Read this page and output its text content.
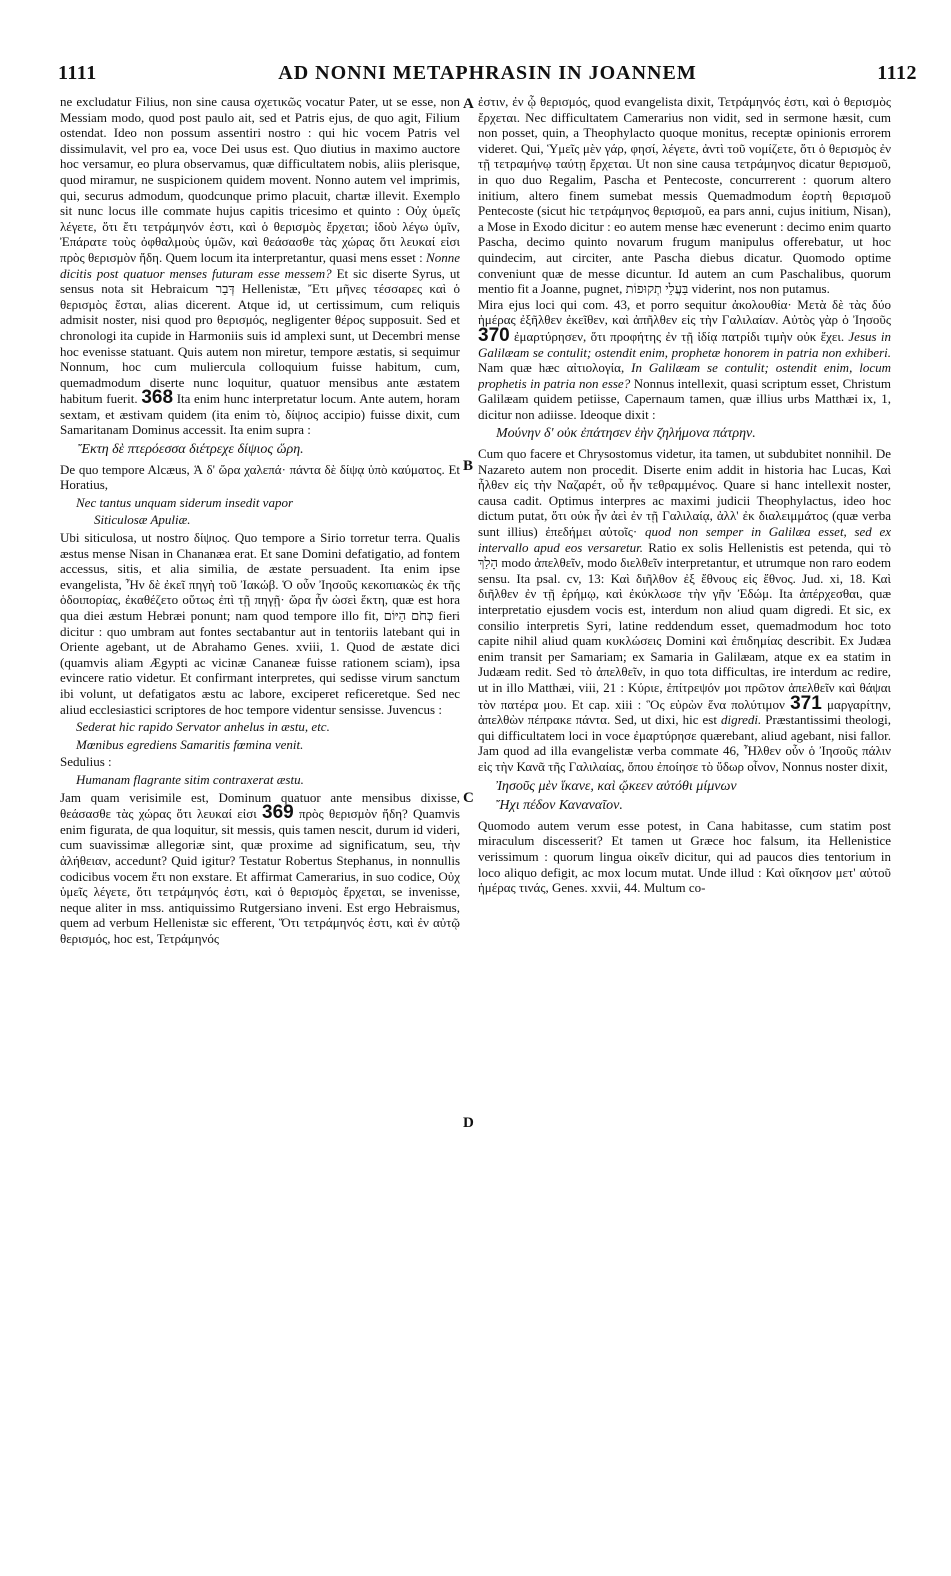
1111	AD NONNI METAPHRASIN IN JOANNEM	1112
A
B
C
D

ne excludatur Filius, non sine causa σχετικῶς vocatur Pater, ut se esse, non Messiam modo, quod post paulo ait, sed et Patris ejus, de quo agit, Filium ostendat. Ideo non possum assentiri nostro : qui hic vocem Patris vel dissimulavit, vel pro ea, voce Dei usus est. Quo diutius in maximo auctore hoc versamur, eo plura observamus, quæ difficultatem nobis, aliis plerisque, quod miramur, ne suspicionem quidem movent. Nonno autem vel imprimis, qui, securus admodum, quodcunque primo placuit, chartæ illevit. Exemplo sit nunc locus ille commate hujus capitis tricesimo et quinto : Οὐχ ὑμεῖς λέγετε, ὅτι ἔτι τετράμηνόν ἐστι, καὶ ὁ θερισμὸς ἔρχεται; ἰδοὺ λέγω ὑμῖν, Ἐπάρατε τοὺς ὀφθαλμοὺς ὑμῶν, καὶ θεάσασθε τὰς χώρας ὅτι λευκαί εἰσι πρὸς θερισμὸν ἤδη. Quem locum ita interpretantur, quasi mens esset : Nonne dicitis post quatuor menses futuram esse messem? Et sic diserte Syrus, ut sensus nota sit Hebraicum דְּבַר Hellenistæ, Ἔτι μῆνες τέσσαρες καὶ ὁ θερισμὸς ἔσται, alias dicerent. Atque id, ut certissimum, cum reliquis admisit noster, nisi quod pro θερισμός, negligenter θέρος supposuit. Sed et chronologi ita cupide in Harmoniis suis id amplexi sunt, ut Decembri mense hoc evenisse statuant. Quis autem non miretur, tempore æstatis, si sequimur Nonnum, hoc cum muliercula colloquium fuisse habitum, cum, quemadmodum diserte nunc loquitur, quatuor mensibus ante æstatem habitum fuerit. 368 Ita enim hunc interpretatur locum. Ante autem, horam sextam, et æstivam quidem (ita enim τὸ, δίψιος accipio) fuisse dixit, cum Samaritanam Dominus accessit. Ita enim supra :

Ἔκτη δὲ πτερόεσσα διέτρεχε δίψιος ὥρη.

De quo tempore Alcæus, Ἁ δ' ὥρα χαλεπά· πάντα δὲ δίψᾳ ὑπὸ καύματος. Et Horatius,

Nec tantus unquam siderum insedit vapor

Siticulosæ Apuliæ.

Ubi siticulosa, ut nostro δίψιος. Quo tempore a Sirio torretur terra. Qualis æstus mense Nisan in Chananæa erat. Et sane Domini defatigatio, ad fontem accessus, sitis, et alia similia, de æstate persuadent. Ita enim ipse evangelista, Ἦν δὲ ἐκεῖ πηγὴ τοῦ Ἰακώβ. Ὁ οὖν Ἰησοῦς κεκοπιακὼς ἐκ τῆς ὁδοιπορίας, ἐκαθέζετο οὕτως ἐπὶ τῇ πηγῇ· ὥρα ἦν ὡσεὶ ἕκτη, quæ est hora qua diei æstum Hebræi ponunt; nam quod tempore illo fit, כְּחֹם הַיּוֹם fieri dicitur : quo umbram aut fontes sectabantur aut in tentoriis latebant qui in Oriente agebant, ut de Abrahamo Genes. xviii, 1. Quod de æstate dici (quamvis aliam Ægypti ac vicinæ Cananeæ fuisse rationem sciam), ipsa evincere ratio videtur. Et confirmant interpretes, qui sedisse virum sanctum ibi volunt, ut defatigatos æstu ac labore, exciperet reficeretque. Sed nec aliud ecclesiastici scriptores de hoc tempore videntur sensisse. Juvencus :

Sederat hic rapido Servator anhelus in æstu, etc.

Mœnibus egrediens Samaritis fœmina venit.

Sedulius :

Humanam flagrante sitim contraxerat æstu.

Jam quam verisimile est, Dominum quatuor ante mensibus dixisse, θεάσασθε τὰς χώρας ὅτι λευκαί εἰσι 369 πρὸς θερισμὸν ἤδη? Quamvis enim figurata, de qua loquitur, sit messis, quis tamen nescit, durum id videri, cum suavissimæ allegoriæ sint, quæ proxime ad significatum, seu, τὴν ἀλήθειαν, accedunt? Quid igitur? Testatur Robertus Stephanus, in nonnullis codicibus vocem ἔτι non exstare. Et affirmat Camerarius, in suo codice, Οὐχ ὑμεῖς λέγετε, ὅτι τετράμηνός ἐστι, καὶ ὁ θερισμὸς ἔρχεται, se invenisse, neque aliter in mss. antiquissimo Rutgersiano inveni. Est ergo Hebraismus, quem ad verbum Hellenistæ sic efferent, Ὅτι τετράμηνός ἐστι, καὶ ἐν αὐτῷ θερισμός, hoc est, Τετράμηνός

ἐστιν, ἐν ᾧ θερισμός, quod evangelista dixit, Τετράμηνός ἐστι, καὶ ὁ θερισμὸς ἔρχεται. Nec difficultatem Camerarius non vidit, sed in sermone hæsit, cum non posset, quin, a Theophylacto quoque monitus, receptæ opinionis errorem videret. Qui, Ὑμεῖς μὲν γάρ, φησί, λέγετε, ἀντὶ τοῦ νομίζετε, ὅτι ὁ θερισμὸς ἐν τῇ τετραμήνῳ ταύτῃ ἔρχεται. Ut non sine causa τετράμηνος dicatur θερισμοῦ, in quo duo Regalim, Pascha et Pentecoste, concurrerent : quorum altero initium, altero finem sumebat messis Quemadmodum ἑορτὴ θερισμοῦ Pentecoste (sicut hic τετράμηνος θερισμοῦ, ea pars anni, cujus initium, Nisan), a Mose in Exodo dicitur : eo autem mense hæc evenerunt : decimo enim quarto Pascha, decimo quinto novarum frugum manipulus offerebatur, ut hoc quindecim, aut circiter, ante Pascha diebus dicatur. Quomodo optime conveniunt quæ de messe dicuntur. Id autem an cum Paschalibus, quorum mentio fit a Joanne, pugnet, בַּעֲלֵי תְקוּפוֹת viderint, nos non putamus.

Mira ejus loci qui com. 43, et porro sequitur ἀκολουθία· Μετὰ δὲ τὰς δύο ἡμέρας ἐξῆλθεν ἐκεῖθεν, καὶ ἀπῆλθεν εἰς τὴν Γαλιλαίαν. Αὐτὸς γὰρ ὁ Ἰησοῦς 370 ἐμαρτύρησεν, ὅτι προφήτης ἐν τῇ ἰδίᾳ πατρίδι τιμὴν οὐκ ἔχει. Jesus in Galilæam se contulit; ostendit enim, prophetæ honorem in patria non exhiberi. Nam quæ hæc αἰτιολογία, In Galilæam se contulit; ostendit enim, locum prophetis in patria non esse? Nonnus intellexit, quasi scriptum esset, Christum Galilæam quidem petiisse, Capernaum tamen, quæ illius urbs Matthæi ix, 1, dicitur non adiisse. Ideoque dixit :

Μούνην δ' οὐκ ἐπάτησεν ἑὴν ζηλήμονα πάτρην.

Cum quo facere et Chrysostomus videtur, ita tamen, ut subdubitet nonnihil. De Nazareto autem non procedit. Diserte enim addit in historia hac Lucas, Καὶ ἦλθεν εἰς τὴν Ναζαρέτ, οὗ ἦν τεθραμμένος. Quare si hanc intellexit noster, causa cadit. Optimus interpres ac maximi judicii Theophylactus, ideo hoc dictum putat, ὅτι οὐκ ἦν ἀεὶ ἐν τῇ Γαλιλαίᾳ, ἀλλ' ἐκ διαλειμμάτος (quæ verba sunt illius) ἐπεδήμει αὐτοῖς· quod non semper in Galilæa esset, sed ex intervallo apud eos versaretur. Ratio ex solis Hellenistis est petenda, qui τὸ הָלַךְ modo ἀπελθεῖν, modo διελθεῖν interpretantur, et utrumque non raro eodem sensu. Ita psal. cv, 13: Καὶ διῆλθον ἐξ ἔθνους εἰς ἔθνος. Jud. xi, 18. Καὶ διῆλθεν ἐν τῇ ἐρήμῳ, καὶ ἐκύκλωσε τὴν γῆν Ἐδώμ. Ita ἀπέρχεσθαι, quæ interpretatio ejusdem vocis est, interdum non aliud quam digredi. Et sic, ex consilio interpretis Syri, latine reddendum esset, quemadmodum hoc toto capite nihil aliud quam κυκλώσεις Domini καὶ ἐπιδημίας describit. Ex Judæa enim transit per Samariam; ex Samaria in Galilæam, atque ex ea statim in Judæam redit. Sed τὸ ἀπελθεῖν, in quo tota difficultas, ire interdum ac redire, ut in illo Matthæi, viii, 21 : Κύριε, ἐπίτρεψόν μοι πρῶτον ἀπελθεῖν καὶ θάψαι τὸν πατέρα μου. Et cap. xiii : Ὃς εὑρὼν ἕνα πολύτιμον 371 μαργαρίτην, ἀπελθὼν πέπρακε πάντα. Sed, ut dixi, hic est digredi. Præstantissimi theologi, qui difficultatem loci in voce ἐμαρτύρησε quærebant, aliud agebant, nisi fallor. Jam quod ad illa evangelistæ verba commate 46, Ἦλθεν οὖν ὁ Ἰησοῦς πάλιν εἰς τὴν Κανᾶ τῆς Γαλιλαίας, ὅπου ἐποίησε τὸ ὕδωρ οἶνον, Nonnus noster dixit,

Ἰησοῦς μὲν ἵκανε, καὶ ᾤκεεν αὐτόθι μίμνων

Ἤχι πέδον Καναναῖον.

Quomodo autem verum esse potest, in Cana habitasse, cum statim post miraculum discesserit? Et tamen ut Græce hoc falsum, ita Hellenistice verissimum : quorum lingua οἰκεῖν dicitur, qui ad paucos dies tentorium in loco aliquo defigit, ac mox locum mutat. Unde illud : Καὶ οἴκησον μετ' αὐτοῦ ἡμέρας τινάς, Genes. xxvii, 44. Multum co-
